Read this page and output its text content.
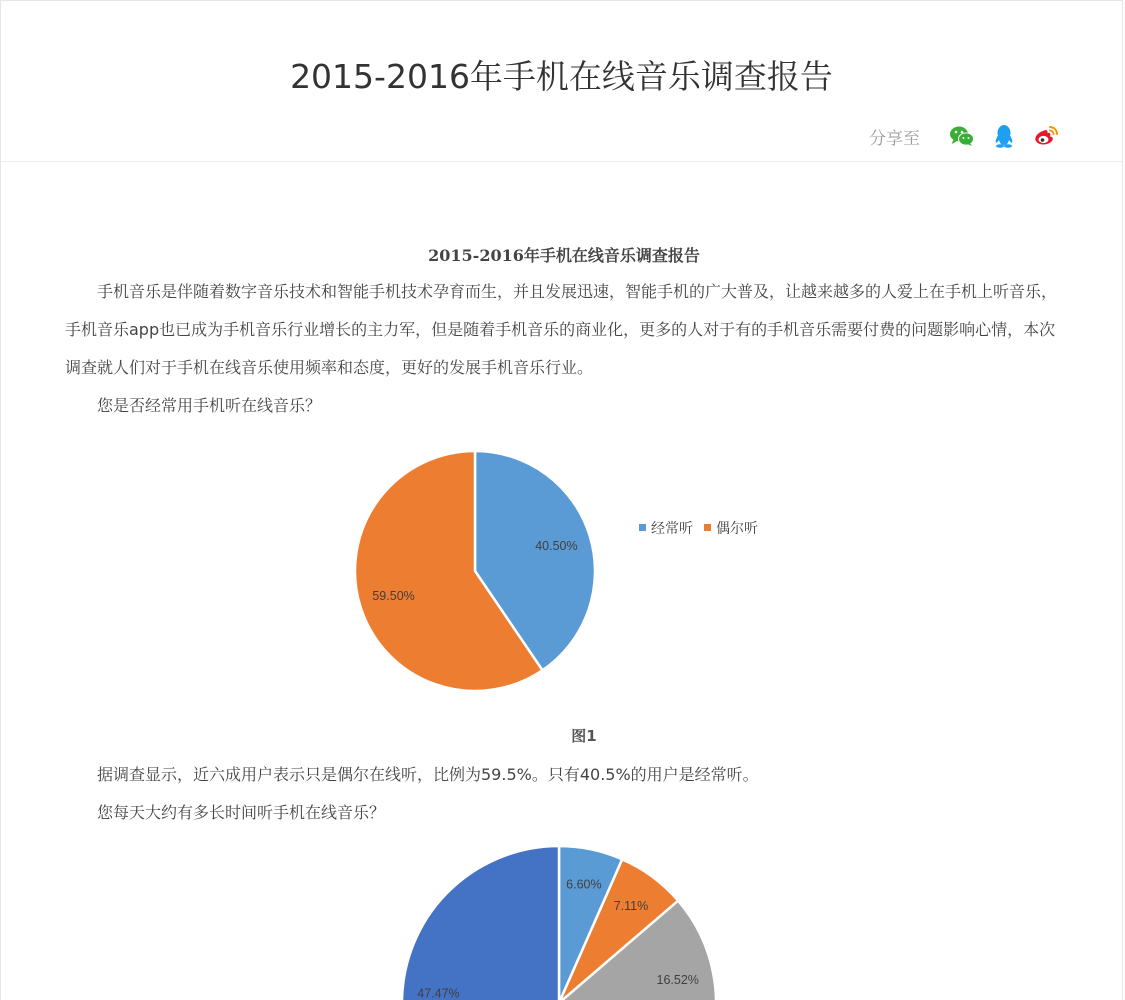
2015-2016年手机在线音乐调查报告
分享至
2015-2016年手机在线音乐调查报告

手机音乐是伴随着数字音乐技术和智能手机技术孕育而生，并且发展迅速，智能手机的广大普及，让越来越多的人爱上在手机上听音乐，手机音乐app也已成为手机音乐行业增长的主力军，但是随着手机音乐的商业化，更多的人对于有的手机音乐需要付费的问题影响心情，本次调查就人们对于手机在线音乐使用频率和态度，更好的发展手机音乐行业。

您是否经常用手机听在线音乐？

40.50%
59.50%
经常听 偶尔听
图1

据调查显示，近六成用户表示只是偶尔在线听，比例为59.5%。只有40.5%的用户是经常听。

您每天大约有多长时间听手机在线音乐？

6.60%
7.11%
16.52%
47.47%
